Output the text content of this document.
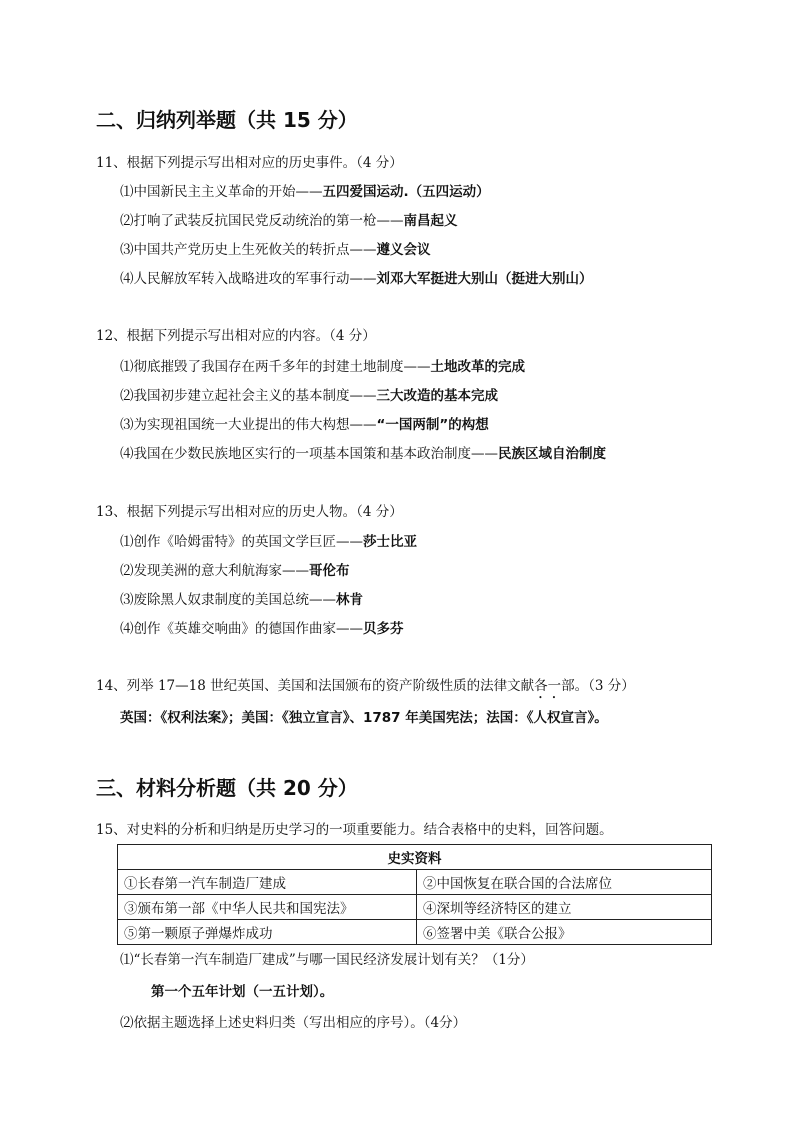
二、归纳列举题（共 15 分）
11、根据下列提示写出相对应的历史事件。（4 分）
⑴中国新民主主义革命的开始——五四爱国运动.（五四运动）
⑵打响了武装反抗国民党反动统治的第一枪——南昌起义
⑶中国共产党历史上生死攸关的转折点——遵义会议
⑷人民解放军转入战略进攻的军事行动——刘邓大军挺进大别山（挺进大别山）
12、根据下列提示写出相对应的内容。（4 分）
⑴彻底摧毁了我国存在两千多年的封建土地制度——土地改革的完成
⑵我国初步建立起社会主义的基本制度——三大改造的基本完成
⑶为实现祖国统一大业提出的伟大构想——“一国两制”的构想
⑷我国在少数民族地区实行的一项基本国策和基本政治制度——民族区域自治制度
13、根据下列提示写出相对应的历史人物。（4 分）
⑴创作《哈姆雷特》的英国文学巨匠——莎士比亚
⑵发现美洲的意大利航海家——哥伦布
⑶废除黑人奴隶制度的美国总统——林肯
⑷创作《英雄交响曲》的德国作曲家——贝多芬
14、列举 17—18 世纪英国、美国和法国颁布的资产阶级性质的法律文献各一部。（3 分）
英国：《权利法案》；美国：《独立宣言》、1787 年美国宪法；法国：《人权宣言》。
三、材料分析题（共 20 分）
15、对史料的分析和归纳是历史学习的一项重要能力。结合表格中的史料，回答问题。
史实资料	
①长春第一汽车制造厂建成	②中国恢复在联合国的合法席位
③颁布第一部《中华人民共和国宪法》	④深圳等经济特区的建立
⑤第一颗原子弹爆炸成功	⑥签署中美《联合公报》
⑴“长春第一汽车制造厂建成”与哪一国民经济发展计划有关？（1分）
第一个五年计划（一五计划）。
⑵依据主题选择上述史料归类（写出相应的序号）。（4分）
